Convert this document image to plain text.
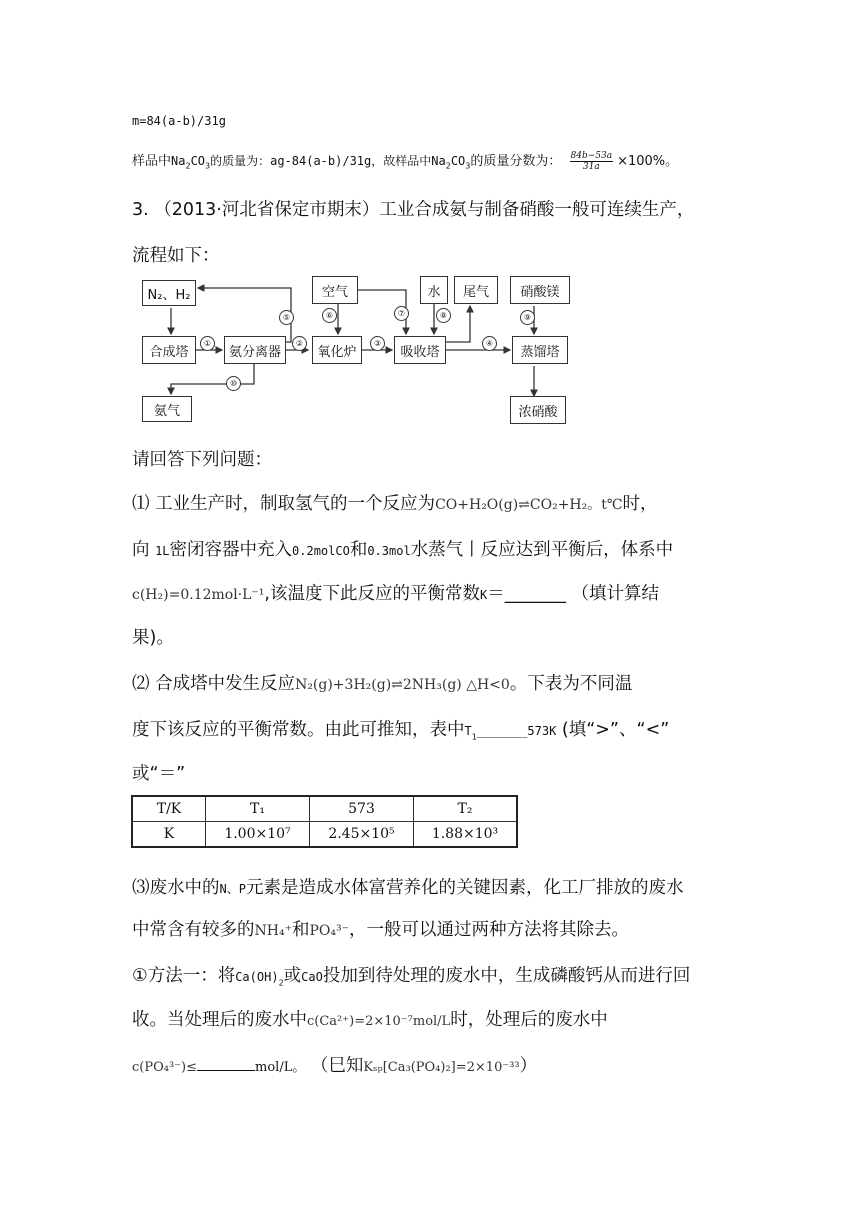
m=84(a-b)/31g
样品中$Na_2CO_3$的质量为：ag-84(a-b)/31g，故样品中$Na_2CO_3$的质量分数为： $\frac{84b-53a}{31a} \times 100\%$。
3. （2013·河北省保定市期末）工业合成氨与制备硝酸一般可连续生产，
流程如下：
N₂、H₂
合成塔	氨分离器
氨气
空气
氧化炉	吸收塔
水	尾气	硝酸镁
蒸馏塔
浓硝酸
①	②	③	④
⑤	⑥	⑦	⑧	⑨
⑩
请回答下列问题：
⑴ 工业生产时，制取氢气的一个反应为CO+H₂O(g)⇌CO₂+H₂。t℃时，
向 1L密闭容器中充入0.2molCO和0.3mol水蒸气丨反应达到平衡后，体系中
c(H₂)=0.12mol·L⁻¹,该温度下此反应的平衡常数K＝_______ （填计算结
果)。
⑵ 合成塔中发生反应N₂(g)+3H₂(g)⇌2NH₃(g) △H<0。下表为不同温
度下该反应的平衡常数。由此可推知，表中$T_1\_\_\_\_\_\_\_573K$ (填“>”、“<”
或“＝”
T/K	T₁	573	T₂
K	1.00×10⁷	2.45×10⁵	1.88×10³
⑶废水中的N、P元素是造成水体富营养化的关键因素，化工厂排放的废水
中常含有较多的NH₄⁺和PO₄³⁻，一般可以通过两种方法将其除去。
①方法一：将$Ca(OH)_2$或CaO投加到待处理的废水中，生成磷酸钙从而进行回
收。当处理后的废水中c(Ca²⁺)=2×10⁻⁷mol/L时，处理后的废水中
c(PO₄³⁻)≤	mol/L。 （巳知Kₛₚ[Ca₃(PO₄)₂]=2×10⁻³³）
